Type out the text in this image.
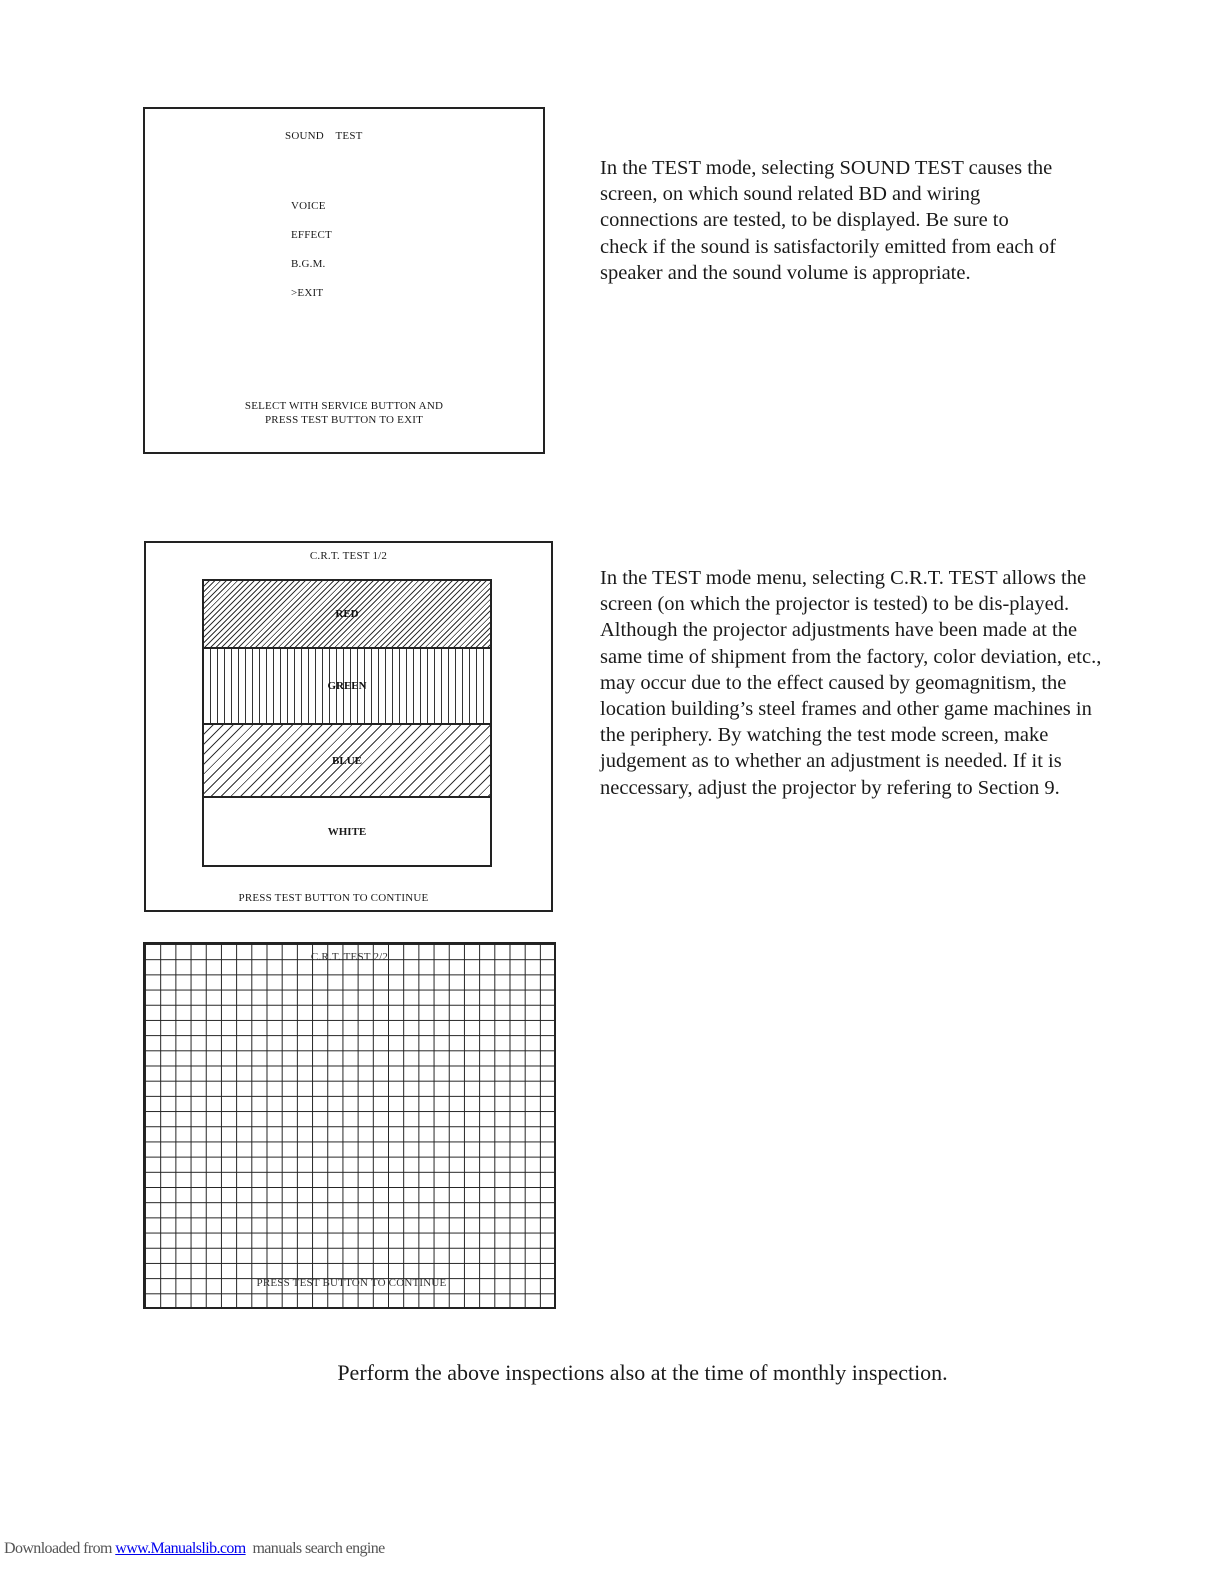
SOUND    TEST
VOICE
EFFECT
B.G.M.
>EXIT
SELECT WITH SERVICE BUTTON AND
PRESS TEST BUTTON TO EXIT

In the TEST mode, selecting SOUND TEST causes the screen, on which sound related BD and wiring connections are tested, to be displayed. Be sure to check if the sound is satisfactorily emitted from each of speaker and the sound volume is appropriate.

C.R.T. TEST 1/2
RED
GREEN
BLUE
WHITE
PRESS TEST BUTTON TO CONTINUE

In the TEST mode menu, selecting C.R.T. TEST allows the screen (on which the projector is tested) to be dis-played. Although the projector adjustments have been made at the same time of shipment from the factory, color deviation, etc., may occur due to the effect caused by geomagnitism, the location building’s steel frames and other game machines in the periphery. By watching the test mode screen, make judgement as to whether an adjustment is needed. If it is neccessary, adjust the projector by refering to Section 9.

C.R.T. TEST 2/2
PRESS TEST BUTTON TO CONTINUE
Perform the above inspections also at the time of monthly inspection.
Downloaded from www.Manualslib.com  manuals search engine
